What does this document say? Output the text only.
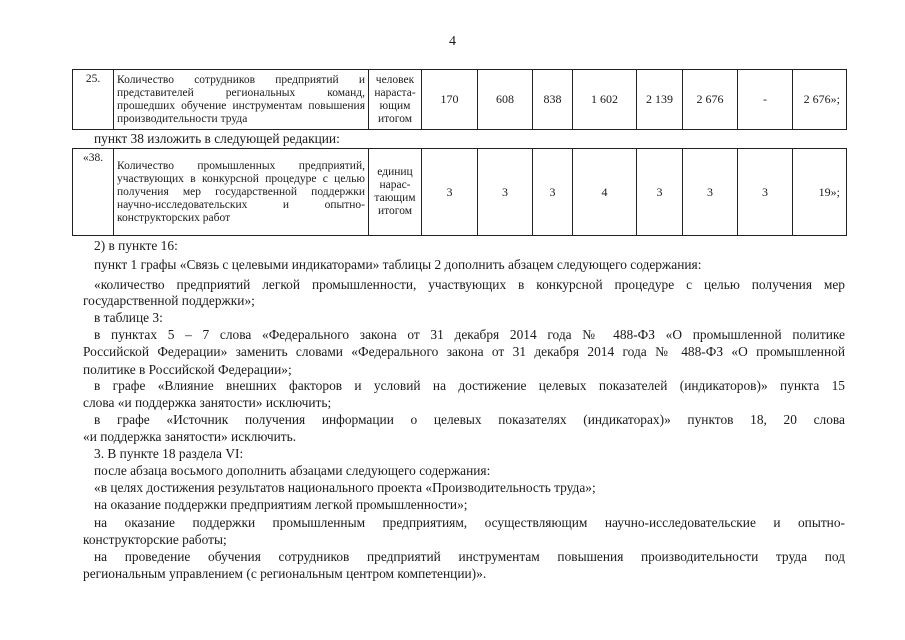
4
25.	Количество сотрудников предприятий и представителей региональных команд, прошедших обучение инструментам повышения производительности труда	человек нараста-ющим итогом	170	608	838	1 602	2 139	2 676	-	2 676»;
пункт 38 изложить в следующей редакции:
«38.	Количество промышленных предприятий, участвующих в конкурсной процедуре с целью получения мер государственной поддержки научно-исследовательских и опытно-конструкторских работ	единиц нарас-тающим итогом	3	3	3	4	3	3	3	19»;
2) в пункте 16:
пункт 1 графы «Связь с целевыми индикаторами» таблицы 2 дополнить абзацем следующего содержания:
«количество предприятий легкой промышленности, участвующих в конкурсной процедуре с целью получения мер
государственной поддержки»;
в таблице 3:
в пунктах 5 – 7 слова «Федерального закона от 31 декабря 2014 года № 488-ФЗ «О промышленной политике
Российской Федерации» заменить словами «Федерального закона от 31 декабря 2014 года № 488-ФЗ «О промышленной
политике в Российской Федерации»;
в графе «Влияние внешних факторов и условий на достижение целевых показателей (индикаторов)» пункта 15
слова «и поддержка занятости» исключить;
в графе «Источник получения информации о целевых показателях (индикаторах)» пунктов 18, 20 слова
«и поддержка занятости» исключить.
3. В пункте 18 раздела VI:
после абзаца восьмого дополнить абзацами следующего содержания:
«в целях достижения результатов национального проекта «Производительность труда»;
на оказание поддержки предприятиям легкой промышленности»;
на оказание поддержки промышленным предприятиям, осуществляющим научно-исследовательские и опытно-
конструкторские работы;
на проведение обучения сотрудников предприятий инструментам повышения производительности труда под
региональным управлением (с региональным центром компетенции)».
